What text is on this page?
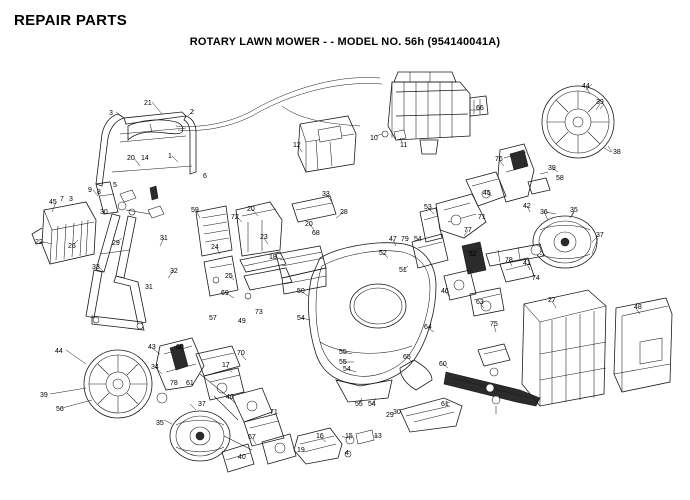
REPAIR PARTS
ROTARY LAWN MOWER - - MODEL NO. 56h (954140041A)
3
21
2
20 14	1
5
9
7 3
8
30
45
22
26	29
31
32
33
31
59
72
20
33
28
12
20
68
23
18
24
25
69	50
54
10
11
66
44
39
38
39
76
58
45
42
71
53
77
36	35
37
47 79 54
51
52	62
78 41
74
46
63	27
48
64	75
73
49
57
44
43	60
70
34	17
78 61
39
56
37
40
71
35
67
40
16	15	13
4
19
55
55
54
55 54
65
60
61
30
29
6
